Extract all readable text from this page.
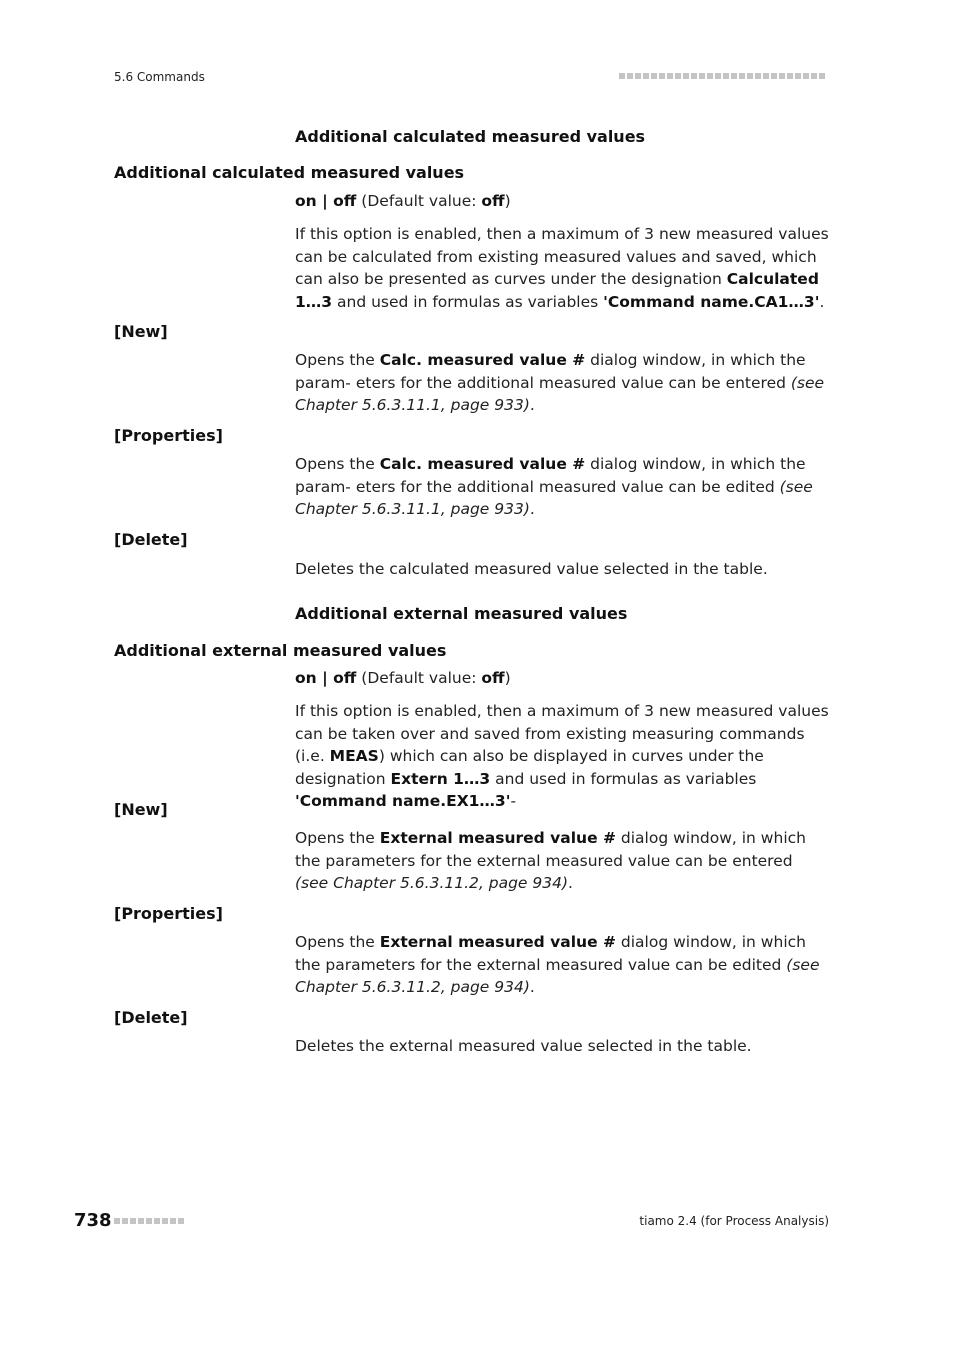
5.6 Commands
Additional calculated measured values
Additional calculated measured values
on | off (Default value: off)
If this option is enabled, then a maximum of 3 new measured values can be calculated from existing measured values and saved, which can also be presented as curves under the designation Calculated 1…3 and used in formulas as variables 'Command name.CA1…3'.
[New]
Opens the Calc. measured value # dialog window, in which the param- eters for the additional measured value can be entered (see Chapter 5.6.3.11.1, page 933).
[Properties]
Opens the Calc. measured value # dialog window, in which the param- eters for the additional measured value can be edited (see Chapter 5.6.3.11.1, page 933).
[Delete]
Deletes the calculated measured value selected in the table.
Additional external measured values
Additional external measured values
on | off (Default value: off)
If this option is enabled, then a maximum of 3 new measured values can be taken over and saved from existing measuring commands (i.e. MEAS) which can also be displayed in curves under the designation Extern 1…3 and used in formulas as variables 'Command name.EX1…3'-
[New]
Opens the External measured value # dialog window, in which the parameters for the external measured value can be entered (see Chapter 5.6.3.11.2, page 934).
[Properties]
Opens the External measured value # dialog window, in which the parameters for the external measured value can be edited (see Chapter 5.6.3.11.2, page 934).
[Delete]
Deletes the external measured value selected in the table.
738	tiamo 2.4 (for Process Analysis)
